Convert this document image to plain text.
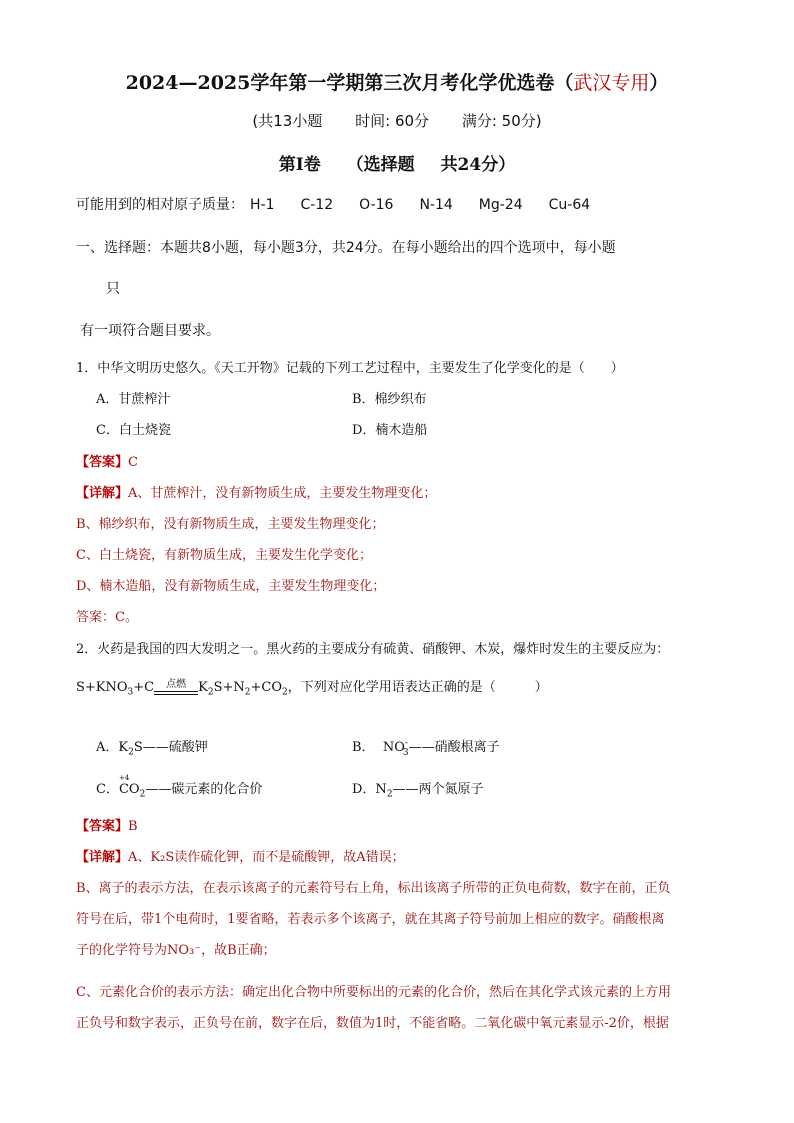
2024—2025学年第一学期第三次月考化学优选卷（武汉专用）
(共13小题 时间: 60分 满分: 50分)
第Ⅰ卷 （选择题 共24分）
可能用到的相对原子质量： H-1 C-12 O-16 N-14 Mg-24 Cu-64
一、选择题：本题共8小题，每小题3分，共24分。在每小题给出的四个选项中，每小题
只
有一项符合题目要求。
1．中华文明历史悠久。《天工开物》记载的下列工艺过程中，主要发生了化学变化的是（　　）
A．甘蔗榨汁	B．棉纱织布
C．白土烧瓷	D．楠木造船
【答案】C
【详解】A、甘蔗榨汁，没有新物质生成，主要发生物理变化；
B、棉纱织布，没有新物质生成，主要发生物理变化；
C、白土烧瓷，有新物质生成，主要发生化学变化；
D、楠木造船，没有新物质生成，主要发生物理变化；
答案：C。
2．火药是我国的四大发明之一。黑火药的主要成分有硫黄、硝酸钾、木炭，爆炸时发生的主要反应为：
$S+KNO_3+C$	点燃 $K_2S+N_2+CO_2$，下列对应化学用语表达正确的是（　　　）
A．$K_2S——$硫酸钾	B．  $NO^-_3——$硝酸根离子
C．+4 $CO_2——$碳元素的化合价	D．$N_2——$两个氮原子
【答案】B
【详解】A、K₂S读作硫化钾，而不是硫酸钾，故A错误；
B、离子的表示方法，在表示该离子的元素符号右上角，标出该离子所带的正负电荷数，数字在前，正负
符号在后，带1个电荷时，1要省略，若表示多个该离子，就在其离子符号前加上相应的数字。硝酸根离
子的化学符号为NO₃⁻，故B正确；
C、元素化合价的表示方法：确定出化合物中所要标出的元素的化合价，然后在其化学式该元素的上方用
正负号和数字表示，正负号在前，数字在后，数值为1时，不能省略。二氧化碳中氧元素显示-2价，根据
